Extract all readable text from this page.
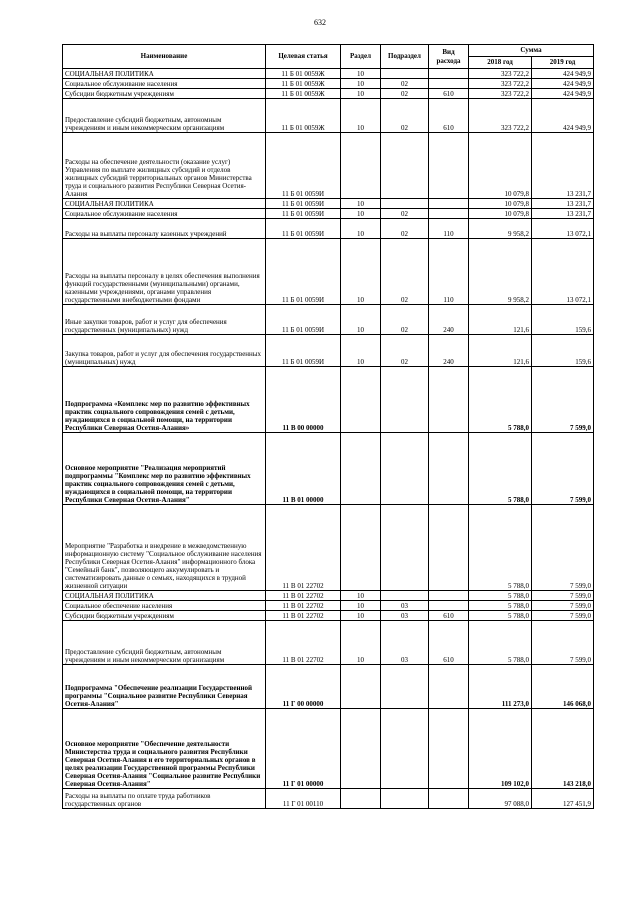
632
Наименование	Целевая статья	Раздел	Подраздел	Вид расхода	Сумма	
					2018 год	2019 год
СОЦИАЛЬНАЯ ПОЛИТИКА	11 Б 01 0059Ж	10			323 722,2	424 949,9
Социальное обслуживание населения	11 Б 01 0059Ж	10	02		323 722,2	424 949,9
Субсидии бюджетным учреждениям	11 Б 01 0059Ж	10	02	610	323 722,2	424 949,9
Предоставление субсидий бюджетным, автономным учреждениям и иным некоммерческим организациям	11 Б 01 0059Ж	10	02	610	323 722,2	424 949,9
Расходы на обеспечение деятельности (оказание услуг) Управления по выплате жилищных субсидий и отделов жилищных субсидий территориальных органов Министерства труда и социального развития Республики Северная Осетия-Алания	11 Б 01 0059И				10 079,8	13 231,7
СОЦИАЛЬНАЯ ПОЛИТИКА	11 Б 01 0059И	10			10 079,8	13 231,7
Социальное обслуживание населения	11 Б 01 0059И	10	02		10 079,8	13 231,7
Расходы на выплаты персоналу казенных учреждений	11 Б 01 0059И	10	02	110	9 958,2	13 072,1
Расходы на выплаты персоналу в целях обеспечения выполнения функций государственными (муниципальными) органами, казенными учреждениями, органами управления государственными внебюджетными фондами	11 Б 01 0059И	10	02	110	9 958,2	13 072,1
Иные закупки товаров, работ и услуг для обеспечения государственных (муниципальных) нужд	11 Б 01 0059И	10	02	240	121,6	159,6
Закупка товаров, работ и услуг для обеспечения государственных (муниципальных) нужд	11 Б 01 0059И	10	02	240	121,6	159,6
Подпрограмма «Комплекс мер по развитию эффективных практик социального сопровождения семей с детьми, нуждающихся в социальной помощи, на территории Республики Северная Осетия-Алания»	11 В 00 00000				5 788,0	7 599,0
Основное мероприятие "Реализация мероприятий подпрограммы "Комплекс мер по развитию эффективных практик социального сопровождения семей с детьми, нуждающихся в социальной помощи, на территории Республики Северная Осетия-Алания"	11 В 01 00000				5 788,0	7 599,0
Мероприятие "Разработка и внедрение в межведомственную информационную систему "Социальное обслуживание населения Республики Северная Осетия-Алания" информационного блока "Семейный банк", позволяющего аккумулировать и систематизировать данные о семьях, находящихся в трудной жизненной ситуации	11 В 01 22702				5 788,0	7 599,0
СОЦИАЛЬНАЯ ПОЛИТИКА	11 В 01 22702	10			5 788,0	7 599,0
Социальное обеспечение населения	11 В 01 22702	10	03		5 788,0	7 599,0
Субсидии бюджетным учреждениям	11 В 01 22702	10	03	610	5 788,0	7 599,0
Предоставление субсидий бюджетным, автономным учреждениям и иным некоммерческим организациям	11 В 01 22702	10	03	610	5 788,0	7 599,0
Подпрограмма "Обеспечение реализации Государственной программы "Социальное развитие Республики Северная Осетия-Алания"	11 Г 00 00000				111 273,0	146 068,0
Основное мероприятие "Обеспечение деятельности Министерства труда и социального развития Республики Северная Осетия-Алания и его территориальных органов в целях реализации Государственной программы Республики Северная Осетия-Алания "Социальное развитие Республики Северная Осетия-Алания"	11 Г 01 00000				109 102,0	143 218,0
Расходы на выплаты по оплате труда работников государственных органов	11 Г 01 00110				97 088,0	127 451,9
